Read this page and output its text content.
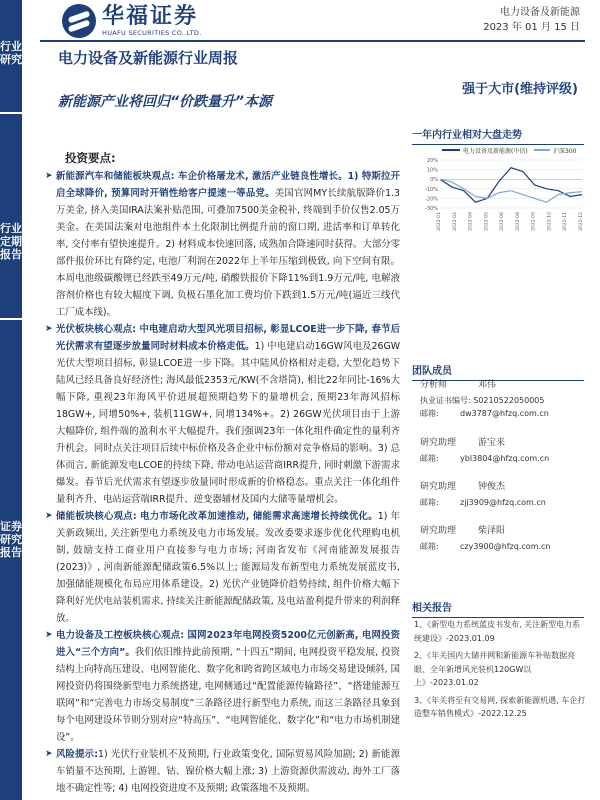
行业研究
行业定期报告
证券研究报告
华福证券
HUAFU SECURITIES CO.,LTD.
电力设备及新能源
2023 年 01 月 15 日
电力设备及新能源行业周报
新能源产业将回归“价跌量升”本源
强于大市(维持评级)
一年内行业相对大盘走势
电力设备及新能源(中信)	沪深300
20%
10%
0%
-10%
-20%
-30%
2022-01 2022-02 2022-04 2022-05 2022-06 2022-08 2022-09 2022-10 2022-11 2022-12
投资要点:
➤ 新能源汽车和储能板块观点: 车企价格屠龙术, 激活产业链良性增长。1) 特斯拉开启全球降价, 预算同时开销性给客户提速一等品党。美国官网MY长续航版降价1.3万美金, 挤入美国IRA法案补贴范围, 可叠加7500美金税补, 终端到手价仅售2.05万美金。在美国法案对电池组件本土化限制比例提升前的窗口期, 进活率和订单转化率, 交付率有望快速提升。2) 材料成本快速回落, 成熟加合降速同时获得。大部分零部件报价环比有降约定, 电池厂利润在2022年上半年压缩到极致, 向下空间有限。本周电池级碳酸锂已经跌至49万元/吨, 硝酸铁报价下降11%到1.9万元/吨, 电解液溶剂价格也有较大幅度下调, 负极石墨化加工费均价下跌到1.5万元/吨(逼近三线代工厂成本线)。
➤ 光伏板块核心观点: 中电建启动大型风光项目招标, 彰显LCOE进一步下降, 春节后光伏需求有望逐步放量同时材料成本价格走低。1) 中电建启动16GW风电及26GW光伏大型项目招标, 彰显LCOE进一步下降。其中陆风价格相对走稳, 大型化趋势下陆风已经具备良好经济性; 海风最低2353元/KW(不含塔筒), 相比22年同比-16%大幅下降, 重视23年海风平价进展超预期趋势下的量增机会, 预期23年海风招标18GW+, 同增50%+, 装机11GW+, 同增134%+。2) 26GW光伏项目由于上游大幅降价, 组件端的盈利水平大幅提升。我们强调23年一体化组件确定性的量利齐升机会。同时点关注项目后续中标价格及各企业中标份额对竞争格局的影响。3) 总体而言, 新能源发电LCOE的持续下降, 带动电站运营商IRR提升, 同时刺激下游需求爆发。春节后光伏需求有望逐步放量同时形成新的价格稳态。重点关注一体化组件量利齐升、电站运营端IRR提升、逆变器辅材及国内大储等量增机会。
➤ 储能板块核心观点: 电力市场化改革加速推动, 储能需求高速增长持续优化。1) 年关新政频出, 关注新型电力系统及电力市场发展。发改委要求逐步优化代理购电机制, 鼓励支持工商业用户直接参与电力市场; 河南省发布《河南能源发展报告(2023)》, 河南新能源配储政策6.5%以上; 能源局发布新型电力系统发展蓝皮书, 加强储能规模化布局应用体系建设。2) 光伏产业链降价趋势持续, 组件价格大幅下降利好光伏电站装机需求, 持续关注新能源配储政策, 及电站盈利提升带来的利润释放。
➤ 电力设备及工控板块核心观点: 国网2023年电网投资5200亿元创新高, 电网投资进入“三个方向”。我们依旧维持此前预期, “十四五”期间, 电网投资平稳发展, 投资结构上向特高压建设、电网智能化、数字化和跨省跨区域电力市场交易建设倾斜, 国网投资仍将围绕新型电力系统搭建, 电网侧通过“配置能源传输路径”、“搭建能源互联网”和“完善电力市场交易制度”三条路径进行新型电力系统, 而这三条路径具象到每个电网建设环节则分别对应“特高压”、“电网智能化、数字化”和“电力市场机制建设”。
➤ 风险提示:1) 光伏行业装机不及预期, 行业政策变化, 国际贸易风险加剧; 2) 新能源车销量不达预期, 上游锂、钴、镍价格大幅上涨; 3) 上游资源供需波动, 海外工厂落地不确定性等; 4) 电网投资进度不及预期; 政策落地不及预期。
团队成员
分析师	邓伟
执业证书编号: S0210522050005
邮箱:	dw3787@hfzq.com.cn
研究助理 游宝来
邮箱:	ybl3804@hfzq.com.cn
研究助理 钟俊杰
邮箱:	zjj3909@hfzq.com.cn
研究助理 柴泽阳
邮箱:	czy3900@hfzq.com.cn
相关报告

1、《新型电力系统蓝皮书发布, 关注新型电力系统建设》-2023.01.09

2、《年关国内大储并网和新能源车补贴数据亮眼、全年新增风光装机120GW以上》-2023.01.02

3、《年关将至有交易网, 探索新能源机遇, 车企打造整车销售模式》-2022.12.25
